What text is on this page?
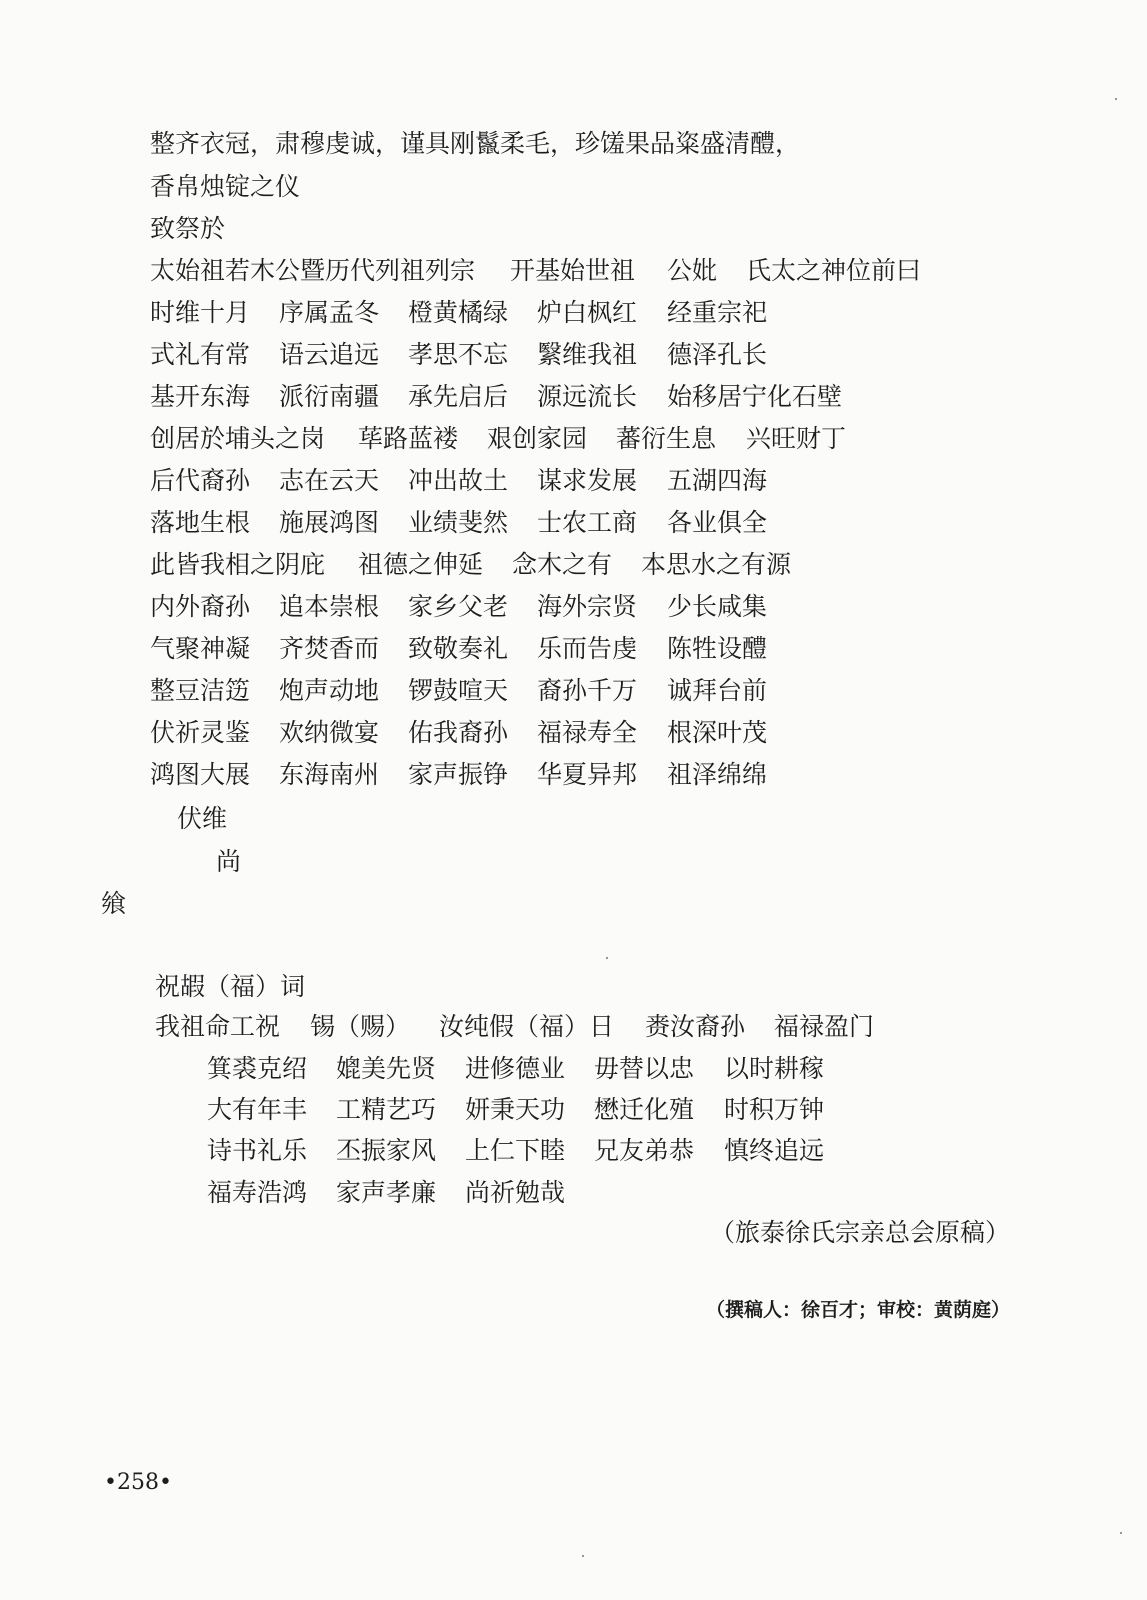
整齐衣冠，肃穆虔诚，谨具刚鬣柔毛，珍馐果品粢盛清醴，
香帛烛锭之仪
致祭於
太始祖若木公暨历代列祖列宗 开基始世祖 公妣 氏太之神位前曰
时维十月 序属孟冬 橙黄橘绿 炉白枫红 经重宗祀
式礼有常 语云追远 孝思不忘 繄维我祖 德泽孔长
基开东海 派衍南疆 承先启后 源远流长 始移居宁化石壁
创居於埔头之岗 荜路蓝褛 艰创家园 蕃衍生息 兴旺财丁
后代裔孙 志在云天 冲出故土 谋求发展 五湖四海
落地生根 施展鸿图 业绩斐然 士农工商 各业俱全
此皆我相之阴庇 祖德之伸延 念木之有 本思水之有源
内外裔孙 追本崇根 家乡父老 海外宗贤 少长咸集
气聚神凝 齐焚香而 致敬奏礼 乐而告虔 陈牲设醴
整豆洁笾 炮声动地 锣鼓喧天 裔孙千万 诚拜台前
伏祈灵鉴 欢纳微宴 佑我裔孙 福禄寿全 根深叶茂
鸿图大展 东海南州 家声振铮 华夏异邦 祖泽绵绵
伏维
尚
飨
祝嘏（福）词
我祖命工祝 锡（赐） 汝纯假（福）日 赉汝裔孙 福禄盈门
箕裘克绍 媲美先贤 进修德业 毋替以忠 以时耕稼
大有年丰 工精艺巧 妍秉天功 懋迁化殖 时积万钟
诗书礼乐 丕振家风 上仁下睦 兄友弟恭 慎终追远
福寿浩鸿 家声孝廉 尚祈勉哉
（旅泰徐氏宗亲总会原稿）
（撰稿人：徐百才；审校：黄荫庭）
•258•
